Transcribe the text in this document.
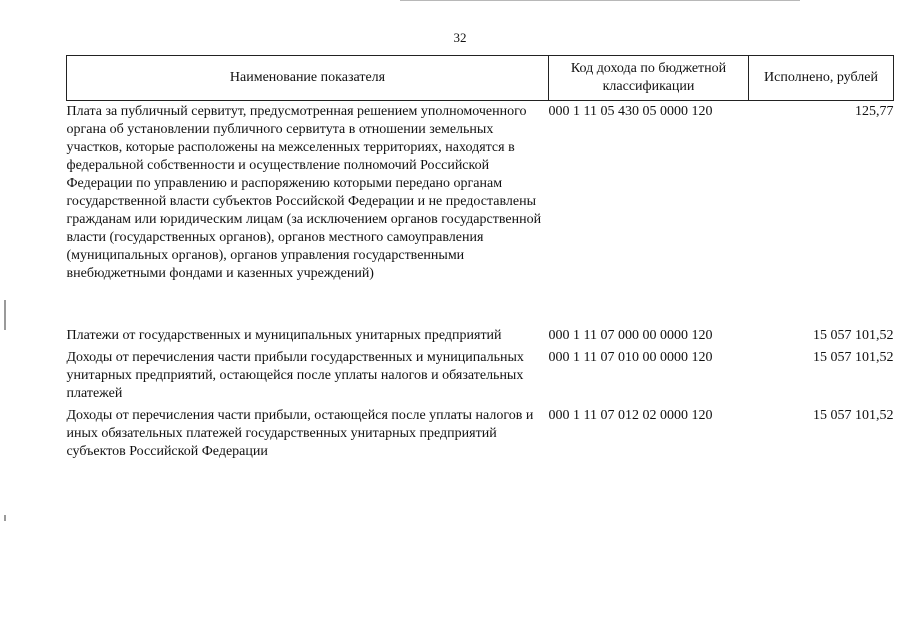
32
Наименование показателя	Код дохода по бюджетной классификации	Исполнено, рублей
Плата за публичный сервитут, предусмотренная решением уполномоченного органа об установлении публичного сервитута в отношении земельных участков, которые расположены на межселенных территориях, находятся в федеральной собственности и осуществление полномочий Российской Федерации по управлению и распоряжению которыми передано органам государственной власти субъектов Российской Федерации и не предоставлены гражданам или юридическим лицам (за исключением органов государственной власти (государственных органов), органов местного самоуправления (муниципальных органов), органов управления государственными внебюджетными фондами и казенных учреждений)	000 1 11 05 430 05 0000 120	125,77
Платежи от государственных и муниципальных унитарных предприятий	000 1 11 07 000 00 0000 120	15 057 101,52
Доходы от перечисления части прибыли государственных и муниципальных унитарных предприятий, остающейся после уплаты налогов и обязательных платежей	000 1 11 07 010 00 0000 120	15 057 101,52
Доходы от перечисления части прибыли, остающейся после уплаты налогов и иных обязательных платежей государственных унитарных предприятий субъектов Российской Федерации	000 1 11 07 012 02 0000 120	15 057 101,52
